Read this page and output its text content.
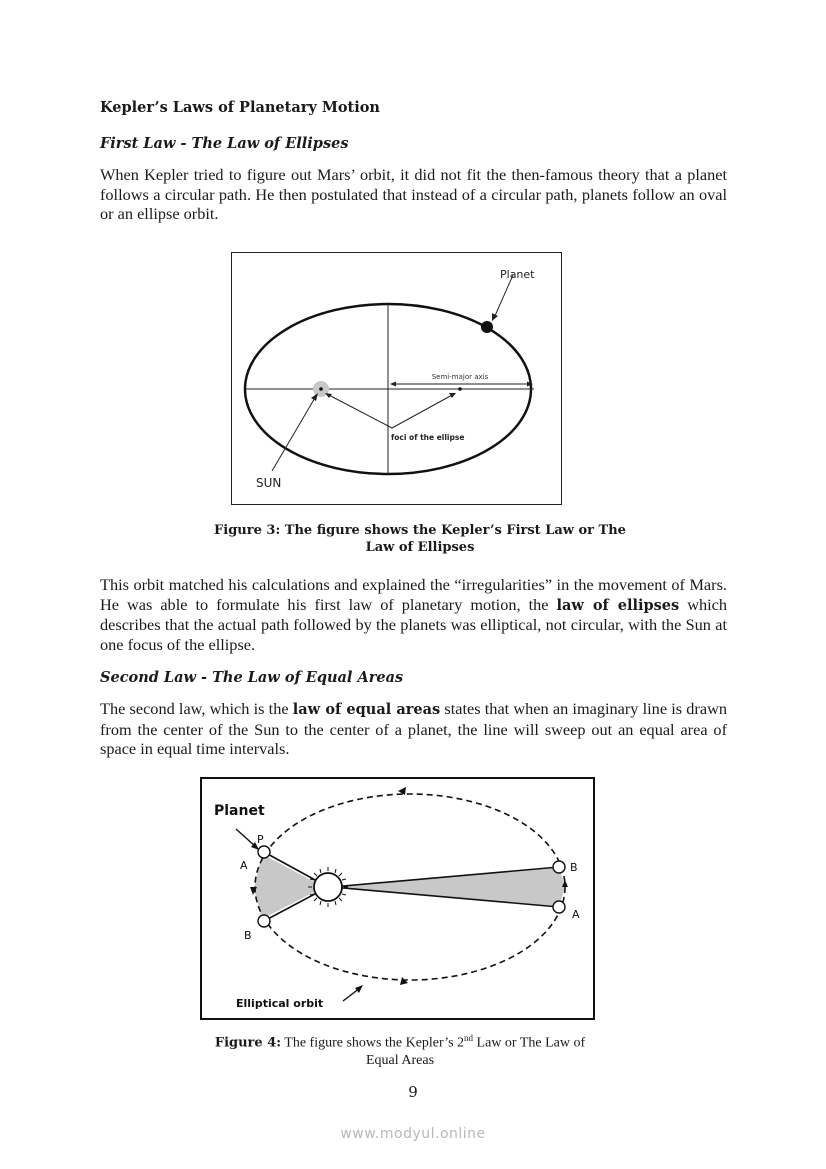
Kepler’s Laws of Planetary Motion
First Law - The Law of Ellipses
When Kepler tried to figure out Mars’ orbit, it did not fit the then-famous theory that a planet follows a circular path. He then postulated that instead of a circular path, planets follow an oval or an ellipse orbit.
Semi-major axis
foci of the ellipse
Planet
SUN
Figure 3: The figure shows the Kepler’s First Law or The Law of Ellipses
This orbit matched his calculations and explained the “irregularities” in the movement of Mars. He was able to formulate his first law of planetary motion, the law of ellipses which describes that the actual path followed by the planets was elliptical, not circular, with the Sun at one focus of the ellipse.
Second Law - The Law of Equal Areas
The second law, which is the law of equal areas states that when an imaginary line is drawn from the center of the Sun to the center of a planet, the line will sweep out an equal area of space in equal time intervals.
Planet
P
A
B
B
A
Elliptical orbit
Figure 4: The figure shows the Kepler’s 2nd Law or The Law of Equal Areas
9
www.modyul.online
